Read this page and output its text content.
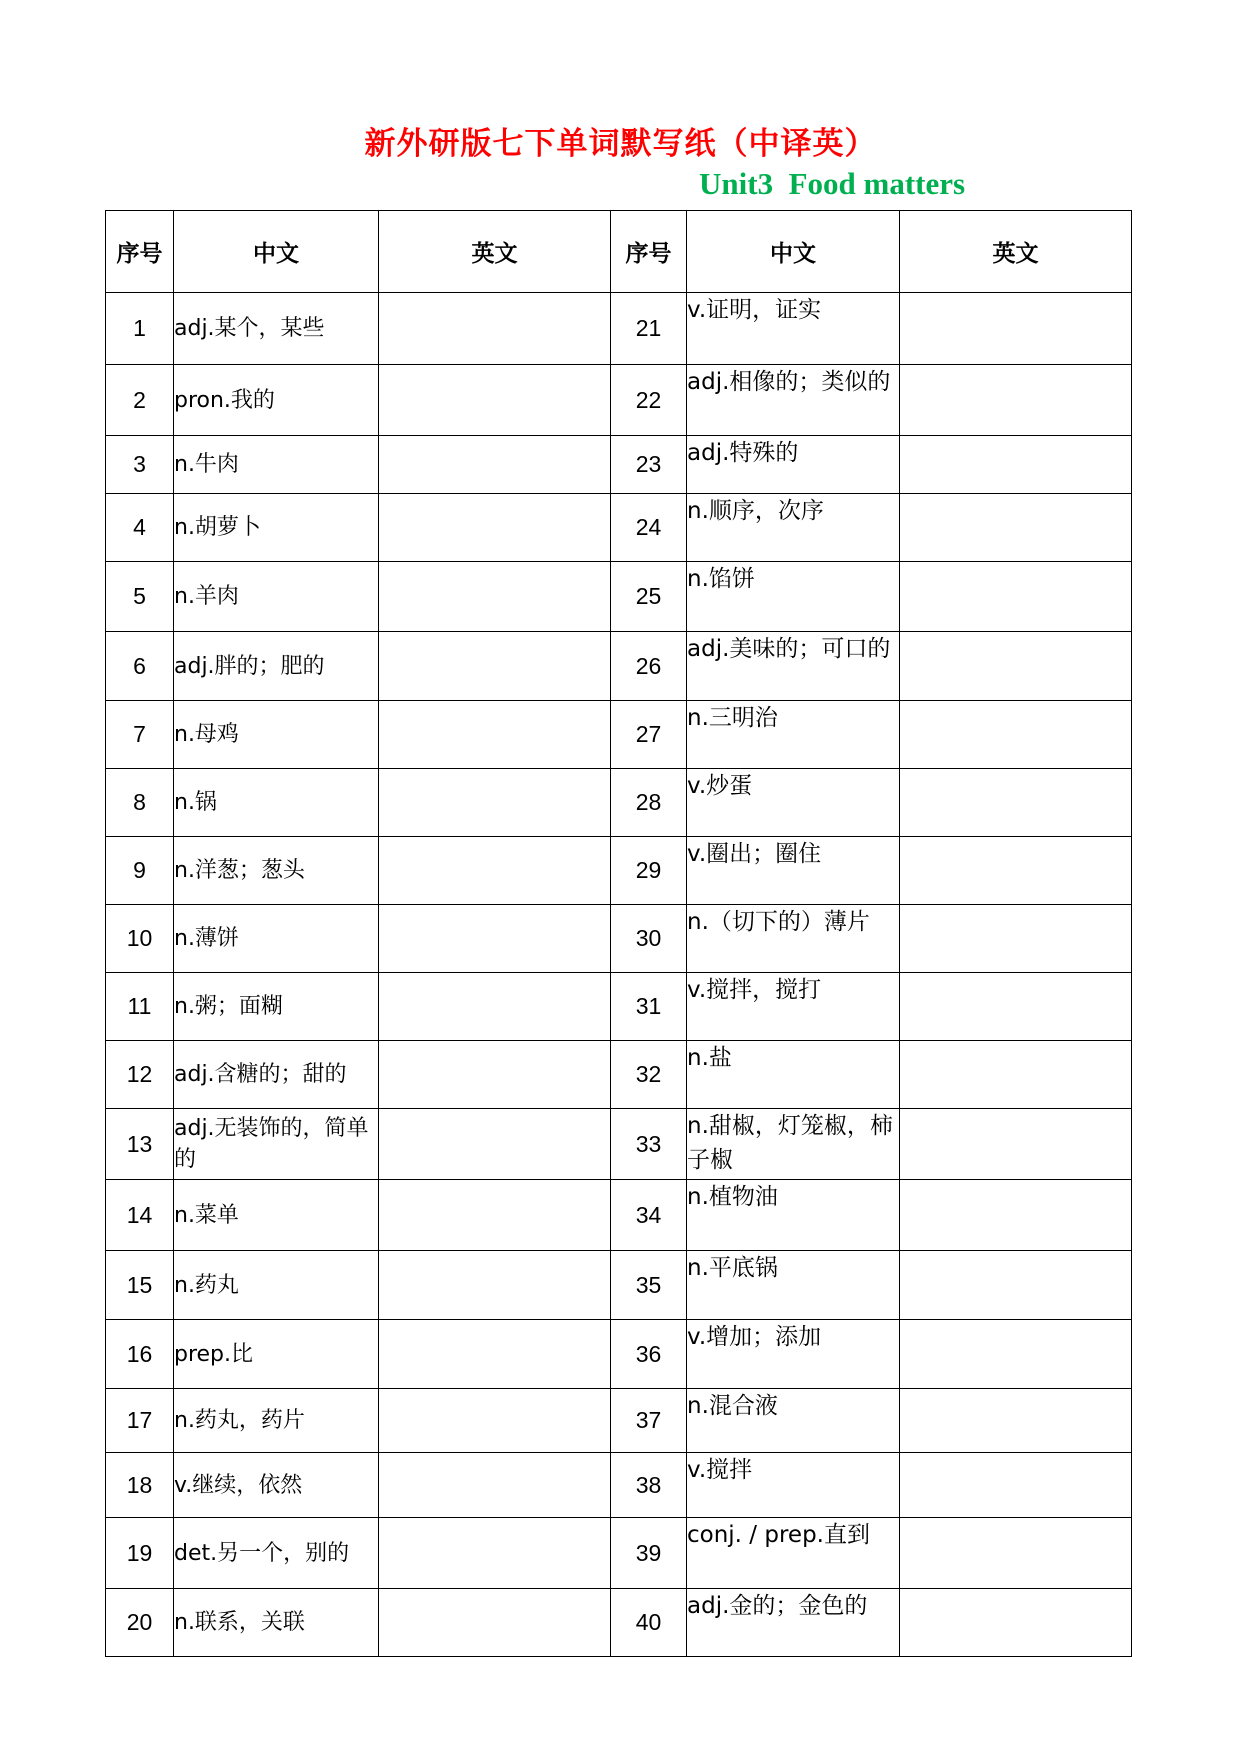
新外研版七下单词默写纸（中译英）
Unit3  Food matters
序号	中文	英文	序号	中文	英文
1	adj.某个，某些		21	v.证明，证实	
2	pron.我的		22	adj.相像的；类似的	
3	n.牛肉		23	adj.特殊的	
4	n.胡萝卜		24	n.顺序，次序	
5	n.羊肉		25	n.馅饼	
6	adj.胖的；肥的		26	adj.美味的；可口的	
7	n.母鸡		27	n.三明治	
8	n.锅		28	v.炒蛋	
9	n.洋葱；葱头		29	v.圈出；圈住	
10	n.薄饼		30	n.（切下的）薄片	
11	n.粥；面糊		31	v.搅拌，搅打	
12	adj.含糖的；甜的		32	n.盐	
13	adj.无装饰的，简单的		33	n.甜椒，灯笼椒，柿子椒	
14	n.菜单		34	n.植物油	
15	n.药丸		35	n.平底锅	
16	prep.比		36	v.增加；添加	
17	n.药丸，药片		37	n.混合液	
18	v.继续，依然		38	v.搅拌	
19	det.另一个，别的		39	conj. / prep.直到	
20	n.联系，关联		40	adj.金的；金色的	
